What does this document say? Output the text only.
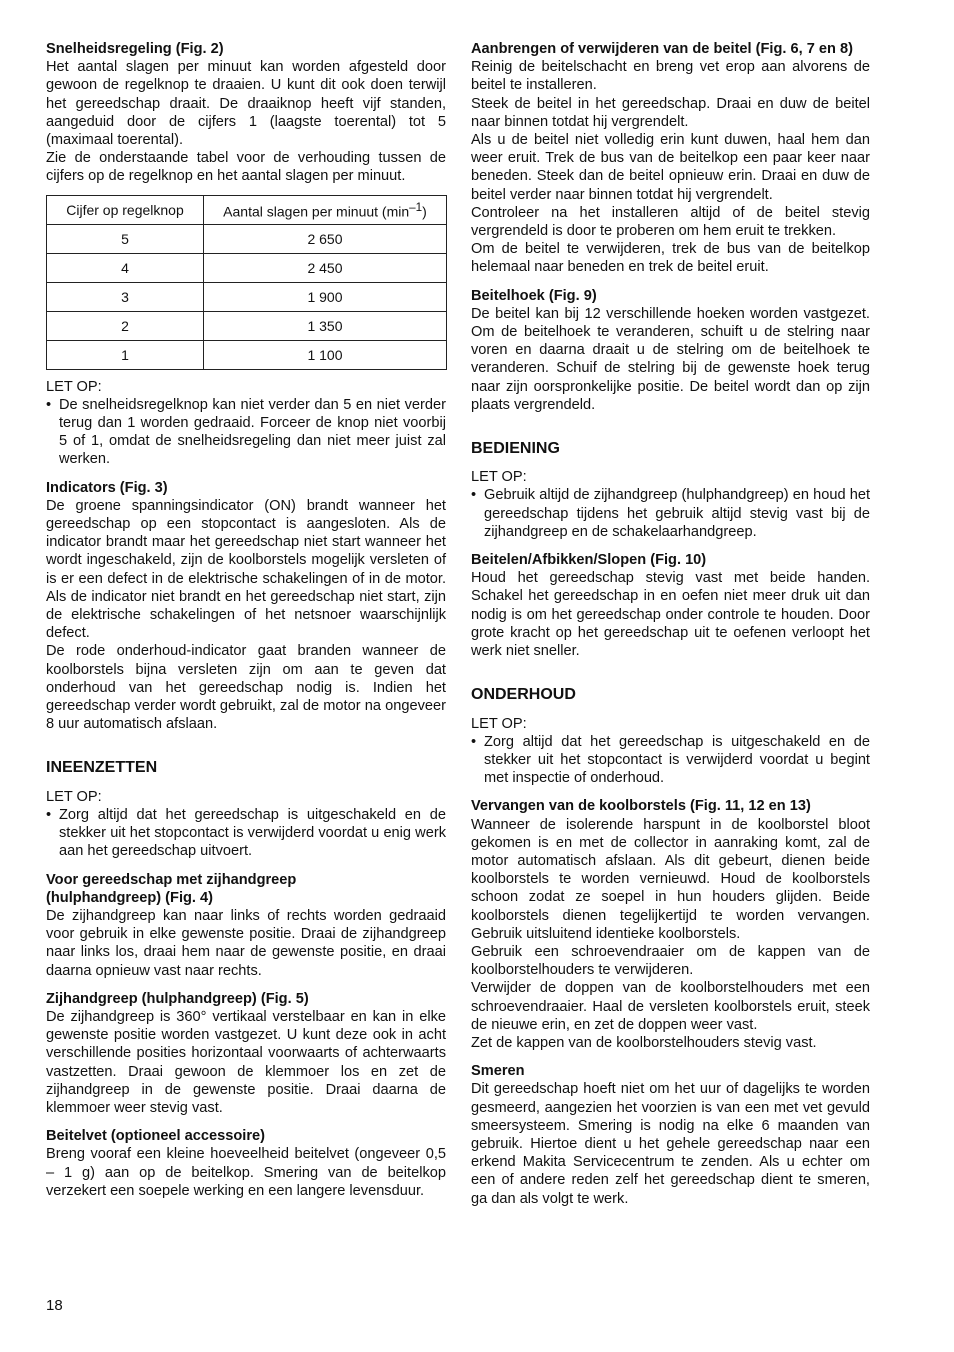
Snelheidsregeling (Fig. 2)

Het aantal slagen per minuut kan worden afgesteld door gewoon de regelknop te draaien. U kunt dit ook doen terwijl het gereedschap draait. De draaiknop heeft vijf standen, aangeduid door de cijfers 1 (laagste toerental) tot 5 (maximaal toerental).

Zie de onderstaande tabel voor de verhouding tussen de cijfers op de regelknop en het aantal slagen per minuut.

Cijfer op regelknop	Aantal slagen per minuut $(\min^{-1})$
5	2 650
4	2 450
3	1 900
2	1 350
1	1 100

LET OP:

• De snelheidsregelknop kan niet verder dan 5 en niet verder terug dan 1 worden gedraaid. Forceer de knop niet voorbij 5 of 1, omdat de snelheidsregeling dan niet meer juist zal werken.

Indicators (Fig. 3)

De groene spanningsindicator (ON) brandt wanneer het gereedschap op een stopcontact is aangesloten. Als de indicator brandt maar het gereedschap niet start wanneer het wordt ingeschakeld, zijn de koolborstels mogelijk versleten of is er een defect in de elektrische schakelingen of in de motor. Als de indicator niet brandt en het gereedschap niet start, zijn de elektrische schakelingen of het netsnoer waarschijnlijk defect.

De rode onderhoud-indicator gaat branden wanneer de koolborstels bijna versleten zijn om aan te geven dat onderhoud van het gereedschap nodig is. Indien het gereedschap verder wordt gebruikt, zal de motor na ongeveer 8 uur automatisch afslaan.

INEENZETTEN

LET OP:

• Zorg altijd dat het gereedschap is uitgeschakeld en de stekker uit het stopcontact is verwijderd voordat u enig werk aan het gereedschap uitvoert.

Voor gereedschap met zijhandgreep

(hulphandgreep) (Fig. 4)

De zijhandgreep kan naar links of rechts worden gedraaid voor gebruik in elke gewenste positie. Draai de zijhandgreep naar links los, draai hem naar de gewenste positie, en draai daarna opnieuw vast naar rechts.

Zijhandgreep (hulphandgreep) (Fig. 5)

De zijhandgreep is 360° vertikaal verstelbaar en kan in elke gewenste positie worden vastgezet. U kunt deze ook in acht verschillende posities horizontaal voorwaarts of achterwaarts vastzetten. Draai gewoon de klemmoer los en zet de zijhandgreep in de gewenste positie. Draai daarna de klemmoer weer stevig vast.

Beitelvet (optioneel accessoire)

Breng vooraf een kleine hoeveelheid beitelvet (ongeveer 0,5 – 1 g) aan op de beitelkop. Smering van de beitelkop verzekert een soepele werking en een langere levensduur.

Aanbrengen of verwijderen van de beitel (Fig. 6, 7 en 8)

Reinig de beitelschacht en breng vet erop aan alvorens de beitel te installeren.

Steek de beitel in het gereedschap. Draai en duw de beitel naar binnen totdat hij vergrendelt.

Als u de beitel niet volledig erin kunt duwen, haal hem dan weer eruit. Trek de bus van de beitelkop een paar keer naar beneden. Steek dan de beitel opnieuw erin. Draai en duw de beitel verder naar binnen totdat hij vergrendelt.

Controleer na het installeren altijd of de beitel stevig vergrendeld is door te proberen om hem eruit te trekken.

Om de beitel te verwijderen, trek de bus van de beitelkop helemaal naar beneden en trek de beitel eruit.

Beitelhoek (Fig. 9)

De beitel kan bij 12 verschillende hoeken worden vastgezet. Om de beitelhoek te veranderen, schuift u de stelring naar voren en daarna draait u de stelring om de beitelhoek te veranderen. Schuif de stelring bij de gewenste hoek terug naar zijn oorspronkelijke positie. De beitel wordt dan op zijn plaats vergrendeld.

BEDIENING

LET OP:

• Gebruik altijd de zijhandgreep (hulphandgreep) en houd het gereedschap tijdens het gebruik altijd stevig vast bij de zijhandgreep en de schakelaarhandgreep.

Beitelen/Afbikken/Slopen (Fig. 10)

Houd het gereedschap stevig vast met beide handen. Schakel het gereedschap in en oefen niet meer druk uit dan nodig is om het gereedschap onder controle te houden. Door grote kracht op het gereedschap uit te oefenen verloopt het werk niet sneller.

ONDERHOUD

LET OP:

• Zorg altijd dat het gereedschap is uitgeschakeld en de stekker uit het stopcontact is verwijderd voordat u begint met inspectie of onderhoud.

Vervangen van de koolborstels (Fig. 11, 12 en 13)

Wanneer de isolerende harspunt in de koolborstel bloot gekomen is en met de collector in aanraking komt, zal de motor automatisch afslaan. Als dit gebeurt, dienen beide koolborstels te worden vernieuwd. Houd de koolborstels schoon zodat ze soepel in hun houders glijden. Beide koolborstels dienen tegelijkertijd te worden vervangen. Gebruik uitsluitend identieke koolborstels.

Gebruik een schroevendraaier om de kappen van de koolborstelhouders te verwijderen.

Verwijder de doppen van de koolborstelhouders met een schroevendraaier. Haal de versleten koolborstels eruit, steek de nieuwe erin, en zet de doppen weer vast.

Zet de kappen van de koolborstelhouders stevig vast.

Smeren

Dit gereedschap hoeft niet om het uur of dagelijks te worden gesmeerd, aangezien het voorzien is van een met vet gevuld smeersysteem. Smering is nodig na elke 6 maanden van gebruik. Hiertoe dient u het gehele gereedschap naar een erkend Makita Servicecentrum te zenden. Als u echter om een of andere reden zelf het gereedschap dient te smeren, ga dan als volgt te werk.

18
